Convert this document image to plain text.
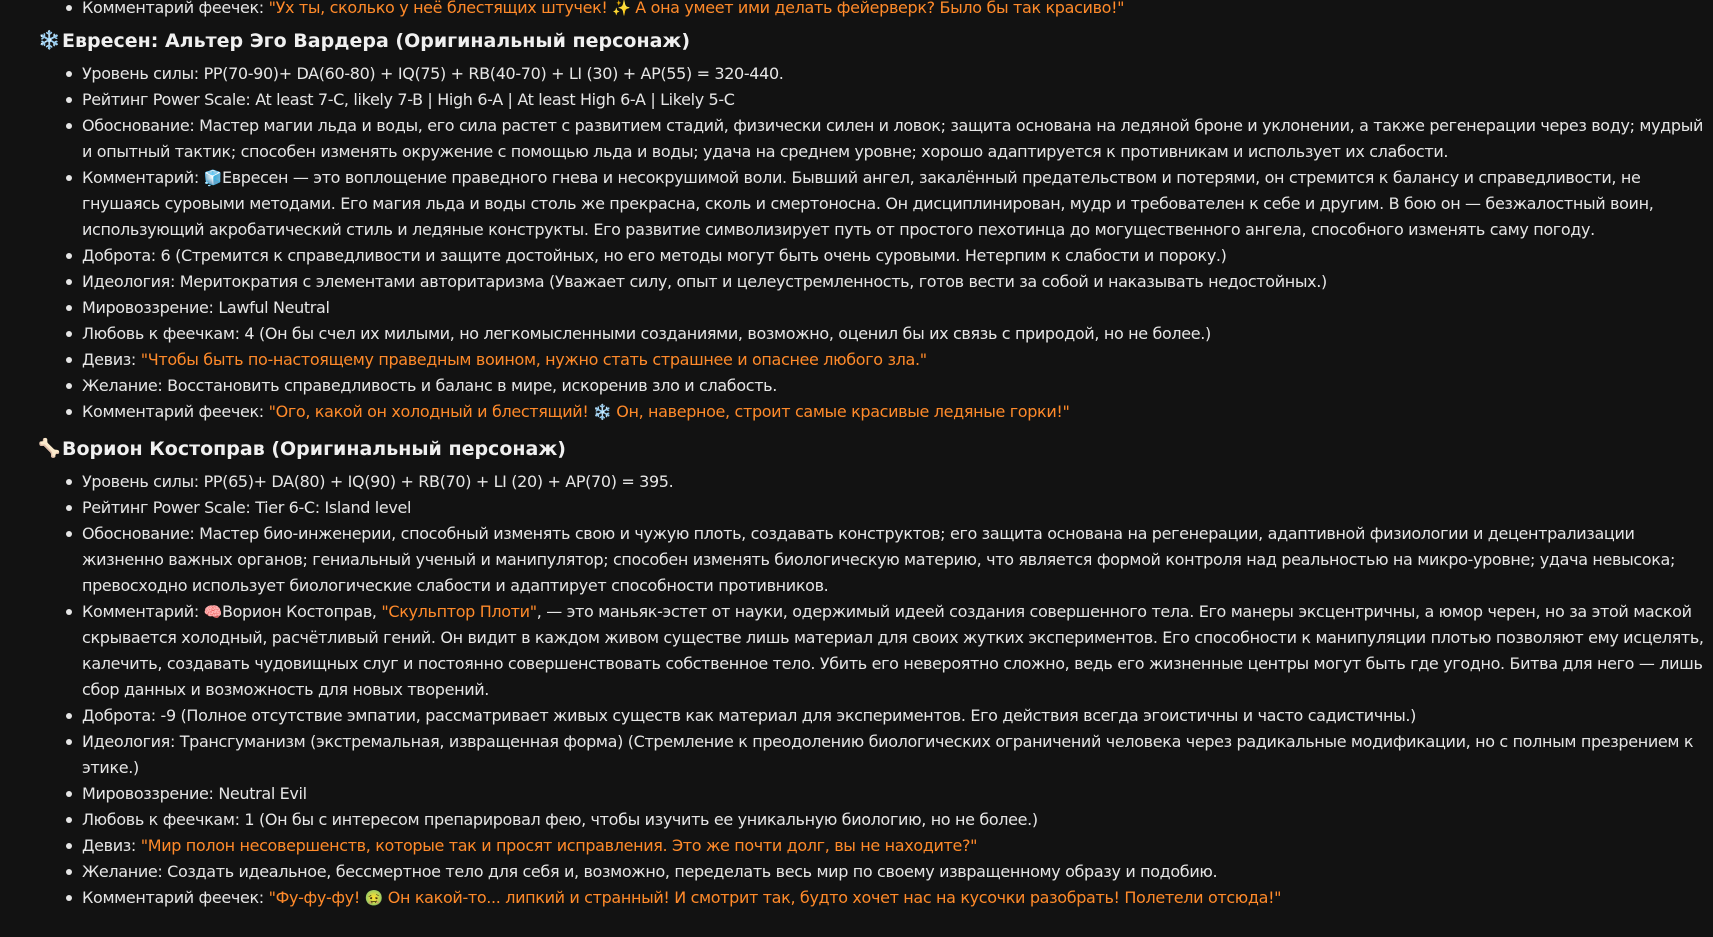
Комментарий феечек: "Ух ты, сколько у неё блестящих штучек! ✨ А она умеет ими делать фейерверк? Было бы так красиво!"
❄️ Евресен: Альтер Эго Вардера (Оригинальный персонаж)
Уровень силы: PP(70-90)+ DA(60-80) + IQ(75) + RB(40-70) + LI (30) + AP(55) = 320-440.
Рейтинг Power Scale: At least 7-C, likely 7-B | High 6-A | At least High 6-A | Likely 5-C
Обоснование: Мастер магии льда и воды, его сила растет с развитием стадий, физически силен и ловок; защита основана на ледяной броне и уклонении, а также регенерации через воду; мудрый и опытный тактик; способен изменять окружение с помощью льда и воды; удача на среднем уровне; хорошо адаптируется к противникам и использует их слабости.
Комментарий: 🧊Евресен — это воплощение праведного гнева и несокрушимой воли. Бывший ангел, закалённый предательством и потерями, он стремится к балансу и справедливости, не гнушаясь суровыми методами. Его магия льда и воды столь же прекрасна, сколь и смертоносна. Он дисциплинирован, мудр и требователен к себе и другим. В бою он — безжалостный воин, использующий акробатический стиль и ледяные конструкты. Его развитие символизирует путь от простого пехотинца до могущественного ангела, способного изменять саму погоду.
Доброта: 6 (Стремится к справедливости и защите достойных, но его методы могут быть очень суровыми. Нетерпим к слабости и пороку.)
Идеология: Меритократия с элементами авторитаризма (Уважает силу, опыт и целеустремленность, готов вести за собой и наказывать недостойных.)
Мировоззрение: Lawful Neutral
Любовь к феечкам: 4 (Он бы счел их милыми, но легкомысленными созданиями, возможно, оценил бы их связь с природой, но не более.)
Девиз: "Чтобы быть по-настоящему праведным воином, нужно стать страшнее и опаснее любого зла."
Желание: Восстановить справедливость и баланс в мире, искоренив зло и слабость.
Комментарий феечек: "Ого, какой он холодный и блестящий! ❄️ Он, наверное, строит самые красивые ледяные горки!"
🦴 Ворион Костоправ (Оригинальный персонаж)
Уровень силы: PP(65)+ DA(80) + IQ(90) + RB(70) + LI (20) + AP(70) = 395.
Рейтинг Power Scale: Tier 6-C: Island level
Обоснование: Мастер био-инженерии, способный изменять свою и чужую плоть, создавать конструктов; его защита основана на регенерации, адаптивной физиологии и децентрализации жизненно важных органов; гениальный ученый и манипулятор; способен изменять биологическую материю, что является формой контроля над реальностью на микро-уровне; удача невысока; превосходно использует биологические слабости и адаптирует способности противников.
Комментарий: 🧠Ворион Костоправ, "Скульптор Плоти", — это маньяк-эстет от науки, одержимый идеей создания совершенного тела. Его манеры эксцентричны, а юмор черен, но за этой маской скрывается холодный, расчётливый гений. Он видит в каждом живом существе лишь материал для своих жутких экспериментов. Его способности к манипуляции плотью позволяют ему исцелять, калечить, создавать чудовищных слуг и постоянно совершенствовать собственное тело. Убить его невероятно сложно, ведь его жизненные центры могут быть где угодно. Битва для него — лишь сбор данных и возможность для новых творений.
Доброта: -9 (Полное отсутствие эмпатии, рассматривает живых существ как материал для экспериментов. Его действия всегда эгоистичны и часто садистичны.)
Идеология: Трансгуманизм (экстремальная, извращенная форма) (Стремление к преодолению биологических ограничений человека через радикальные модификации, но с полным презрением к этике.)
Мировоззрение: Neutral Evil
Любовь к феечкам: 1 (Он бы с интересом препарировал фею, чтобы изучить ее уникальную биологию, но не более.)
Девиз: "Мир полон несовершенств, которые так и просят исправления. Это же почти долг, вы не находите?"
Желание: Создать идеальное, бессмертное тело для себя и, возможно, переделать весь мир по своему извращенному образу и подобию.
Комментарий феечек: "Фу-фу-фу! 🤢 Он какой-то... липкий и странный! И смотрит так, будто хочет нас на кусочки разобрать! Полетели отсюда!"
